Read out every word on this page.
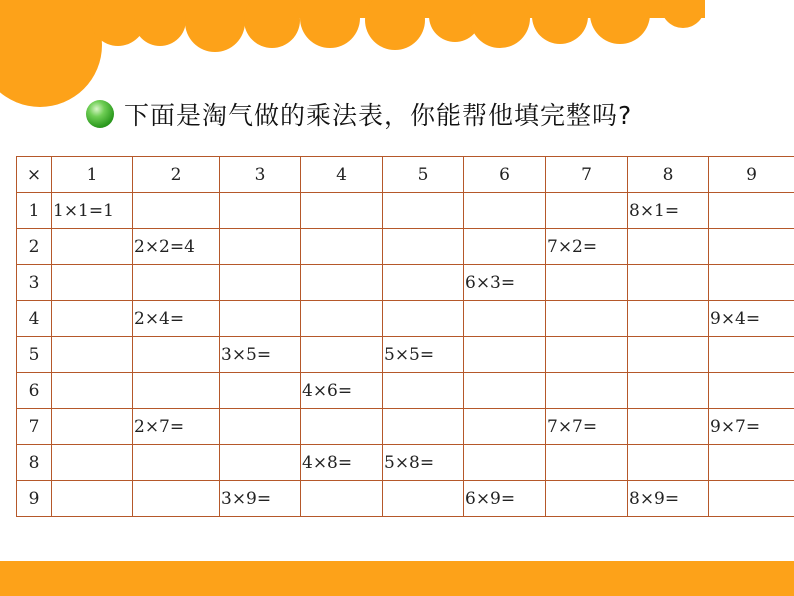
下面是淘气做的乘法表，你能帮他填完整吗?
×	1	2	3	4	5	6	7	8	9
1	1×1=1							8×1=	
2		2×2=4					7×2=		
3						6×3=			
4		2×4=							9×4=
5			3×5=		5×5=				
6				4×6=					
7		2×7=					7×7=		9×7=
8				4×8=	5×8=				
9			3×9=			6×9=		8×9=	
